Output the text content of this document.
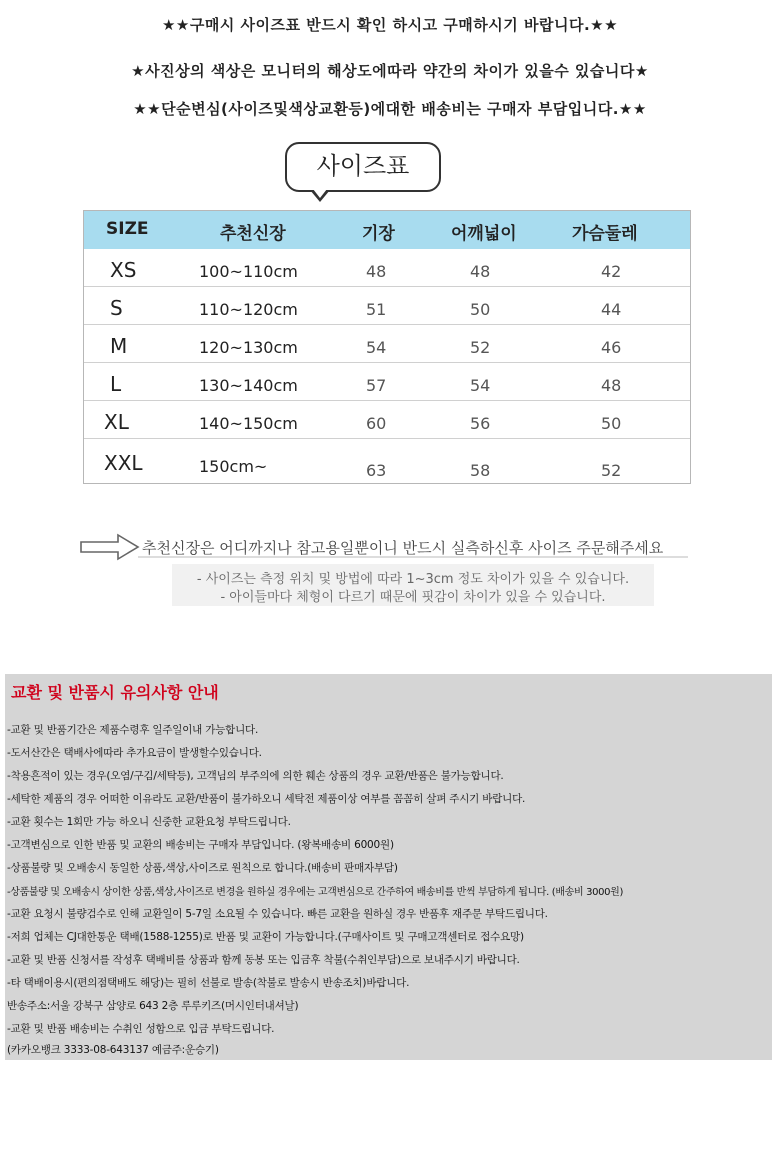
★★구매시 사이즈표 반드시 확인 하시고 구매하시기 바랍니다.★★
★사진상의 색상은 모니터의 해상도에따라 약간의 차이가 있을수 있습니다★
★★단순변심(사이즈및색상교환등)에대한 배송비는 구매자 부담입니다.★★
사이즈표
SIZE	추천신장	기장	어깨넓이	가슴둘레
XS	100~110cm	48	48	42
S	110~120cm	51	50	44
M	120~130cm	54	52	46
L	130~140cm	57	54	48
XL	140~150cm	60	56	50
XXL	150cm~	63	58	52
추천신장은 어디까지나 참고용일뿐이니 반드시 실측하신후 사이즈 주문해주세요
- 사이즈는 측정 위치 및 방법에 따라 1~3cm 정도 차이가 있을 수 있습니다.
- 아이들마다 체형이 다르기 때문에 핏감이 차이가 있을 수 있습니다.
교환 및 반품시 유의사항 안내
-교환 및 반품기간은 제품수령후 일주일이내 가능합니다.
-도서산간은 택배사에따라 추가요금이 발생할수있습니다.
-착용흔적이 있는 경우(오염/구김/세탁등), 고객님의 부주의에 의한 훼손 상품의 경우 교환/반품은 불가능합니다.
-세탁한 제품의 경우 어떠한 이유라도 교환/반품이 불가하오니 세탁전 제품이상 여부를 꼼꼼히 살펴 주시기 바랍니다.
-교환 횟수는 1회만 가능 하오니 신중한 교환요청 부탁드립니다.
-고객변심으로 인한 반품 및 교환의 배송비는 구매자 부담입니다. (왕복배송비 6000원)
-상품불량 및 오배송시 동일한 상품,색상,사이즈로 원칙으로 합니다.(배송비 판매자부담)
-상품불량 및 오배송시 상이한 상품,색상,사이즈로 변경을 원하실 경우에는 고객변심으로 간주하여 배송비를 반씩 부담하게 됩니다. (배송비 3000원)
-교환 요청시 불량검수로 인해 교환일이 5-7일 소요될 수 있습니다. 빠른 교환을 원하실 경우 반품후 재주문 부탁드립니다.
-저희 업체는 CJ대한통운 택배(1588-1255)로 반품 및 교환이 가능합니다.(구매사이트 및 구매고객센터로 접수요망)
-교환 및 반품 신청서를 작성후 택배비를 상품과 함께 동봉 또는 입금후 착불(수취인부담)으로 보내주시기 바랍니다.
-타 택배이용시(편의점택배도 해당)는 필히 선불로 발송(착불로 발송시 반송조치)바랍니다.
반송주소:서울 강북구 삼양로 643 2층 루루키즈(머시인터내셔날)
-교환 및 반품 배송비는 수취인 성함으로 입금 부탁드립니다.
(카카오뱅크 3333-08-643137 예금주:운승기)
